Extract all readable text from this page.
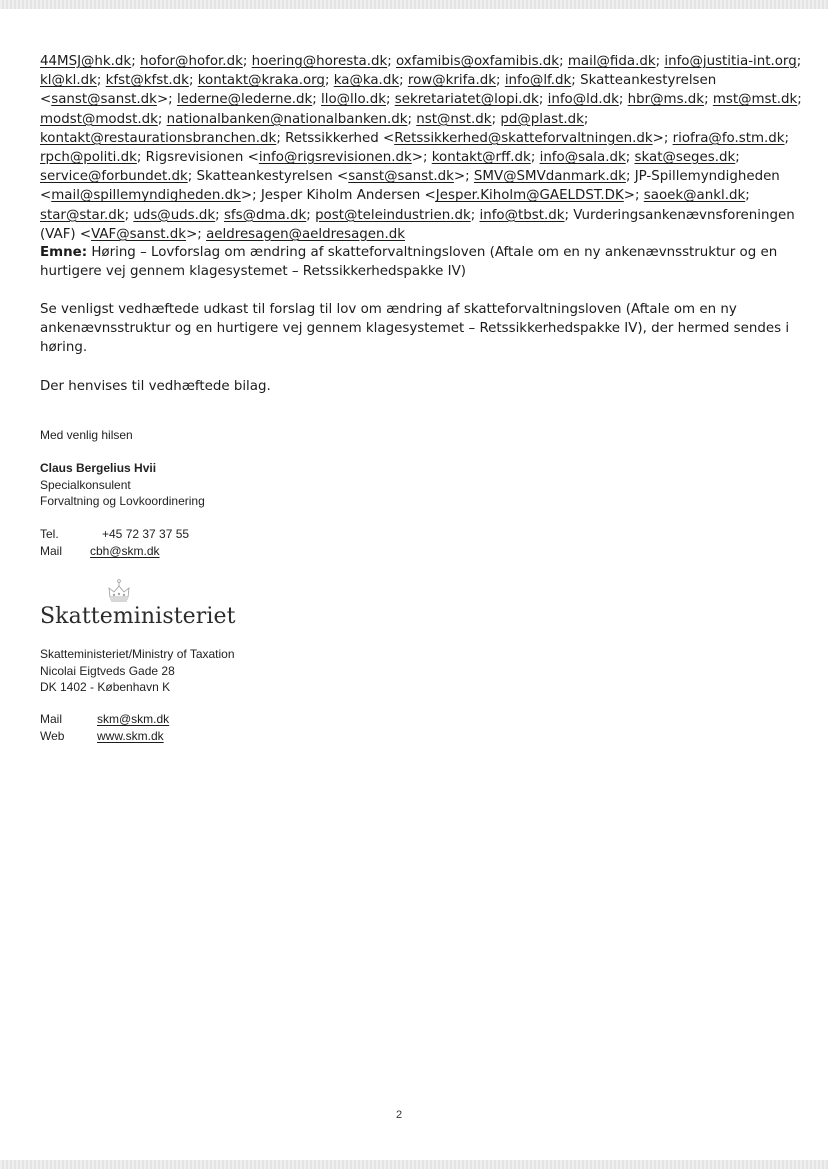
44MSJ@hk.dk; hofor@hofor.dk; hoering@horesta.dk; oxfamibis@oxfamibis.dk; mail@fida.dk; info@justitia-int.org;
kl@kl.dk; kfst@kfst.dk; kontakt@kraka.org; ka@ka.dk; row@krifa.dk; info@lf.dk; Skatteankestyrelsen
<sanst@sanst.dk>; lederne@lederne.dk; llo@llo.dk; sekretariatet@lopi.dk; info@ld.dk; hbr@ms.dk; mst@mst.dk;
modst@modst.dk; nationalbanken@nationalbanken.dk; nst@nst.dk; pd@plast.dk;
kontakt@restaurationsbranchen.dk; Retssikkerhed <Retssikkerhed@skatteforvaltningen.dk>; riofra@fo.stm.dk;
rpch@politi.dk; Rigsrevisionen <info@rigsrevisionen.dk>; kontakt@rff.dk; info@sala.dk; skat@seges.dk;
service@forbundet.dk; Skatteankestyrelsen <sanst@sanst.dk>; SMV@SMVdanmark.dk; JP-Spillemyndigheden
<mail@spillemyndigheden.dk>; Jesper Kiholm Andersen <Jesper.Kiholm@GAELDST.DK>; saoek@ankl.dk;
star@star.dk; uds@uds.dk; sfs@dma.dk; post@teleindustrien.dk; info@tbst.dk; Vurderingsankenævnsforeningen
(VAF) <VAF@sanst.dk>; aeldresagen@aeldresagen.dk
Emne: Høring – Lovforslag om ændring af skatteforvaltningsloven (Aftale om en ny ankenævnsstruktur og en hurtigere vej gennem klagesystemet – Retssikkerhedspakke IV)

Se venligst vedhæftede udkast til forslag til lov om ændring af skatteforvaltningsloven (Aftale om en ny ankenævnsstruktur og en hurtigere vej gennem klagesystemet – Retssikkerhedspakke IV), der hermed sendes i høring.

Der henvises til vedhæftede bilag.

Med venlig hilsen
Claus Bergelius Hvii
Specialkonsulent
Forvaltning og Lovkoordinering
Tel.	+45 72 37 37 55
Mail	cbh@skm.dk
Skatteministeriet
Skatteministeriet/Ministry of Taxation
Nicolai Eigtveds Gade 28
DK 1402 - København K
Mail	skm@skm.dk
Web	www.skm.dk
2
